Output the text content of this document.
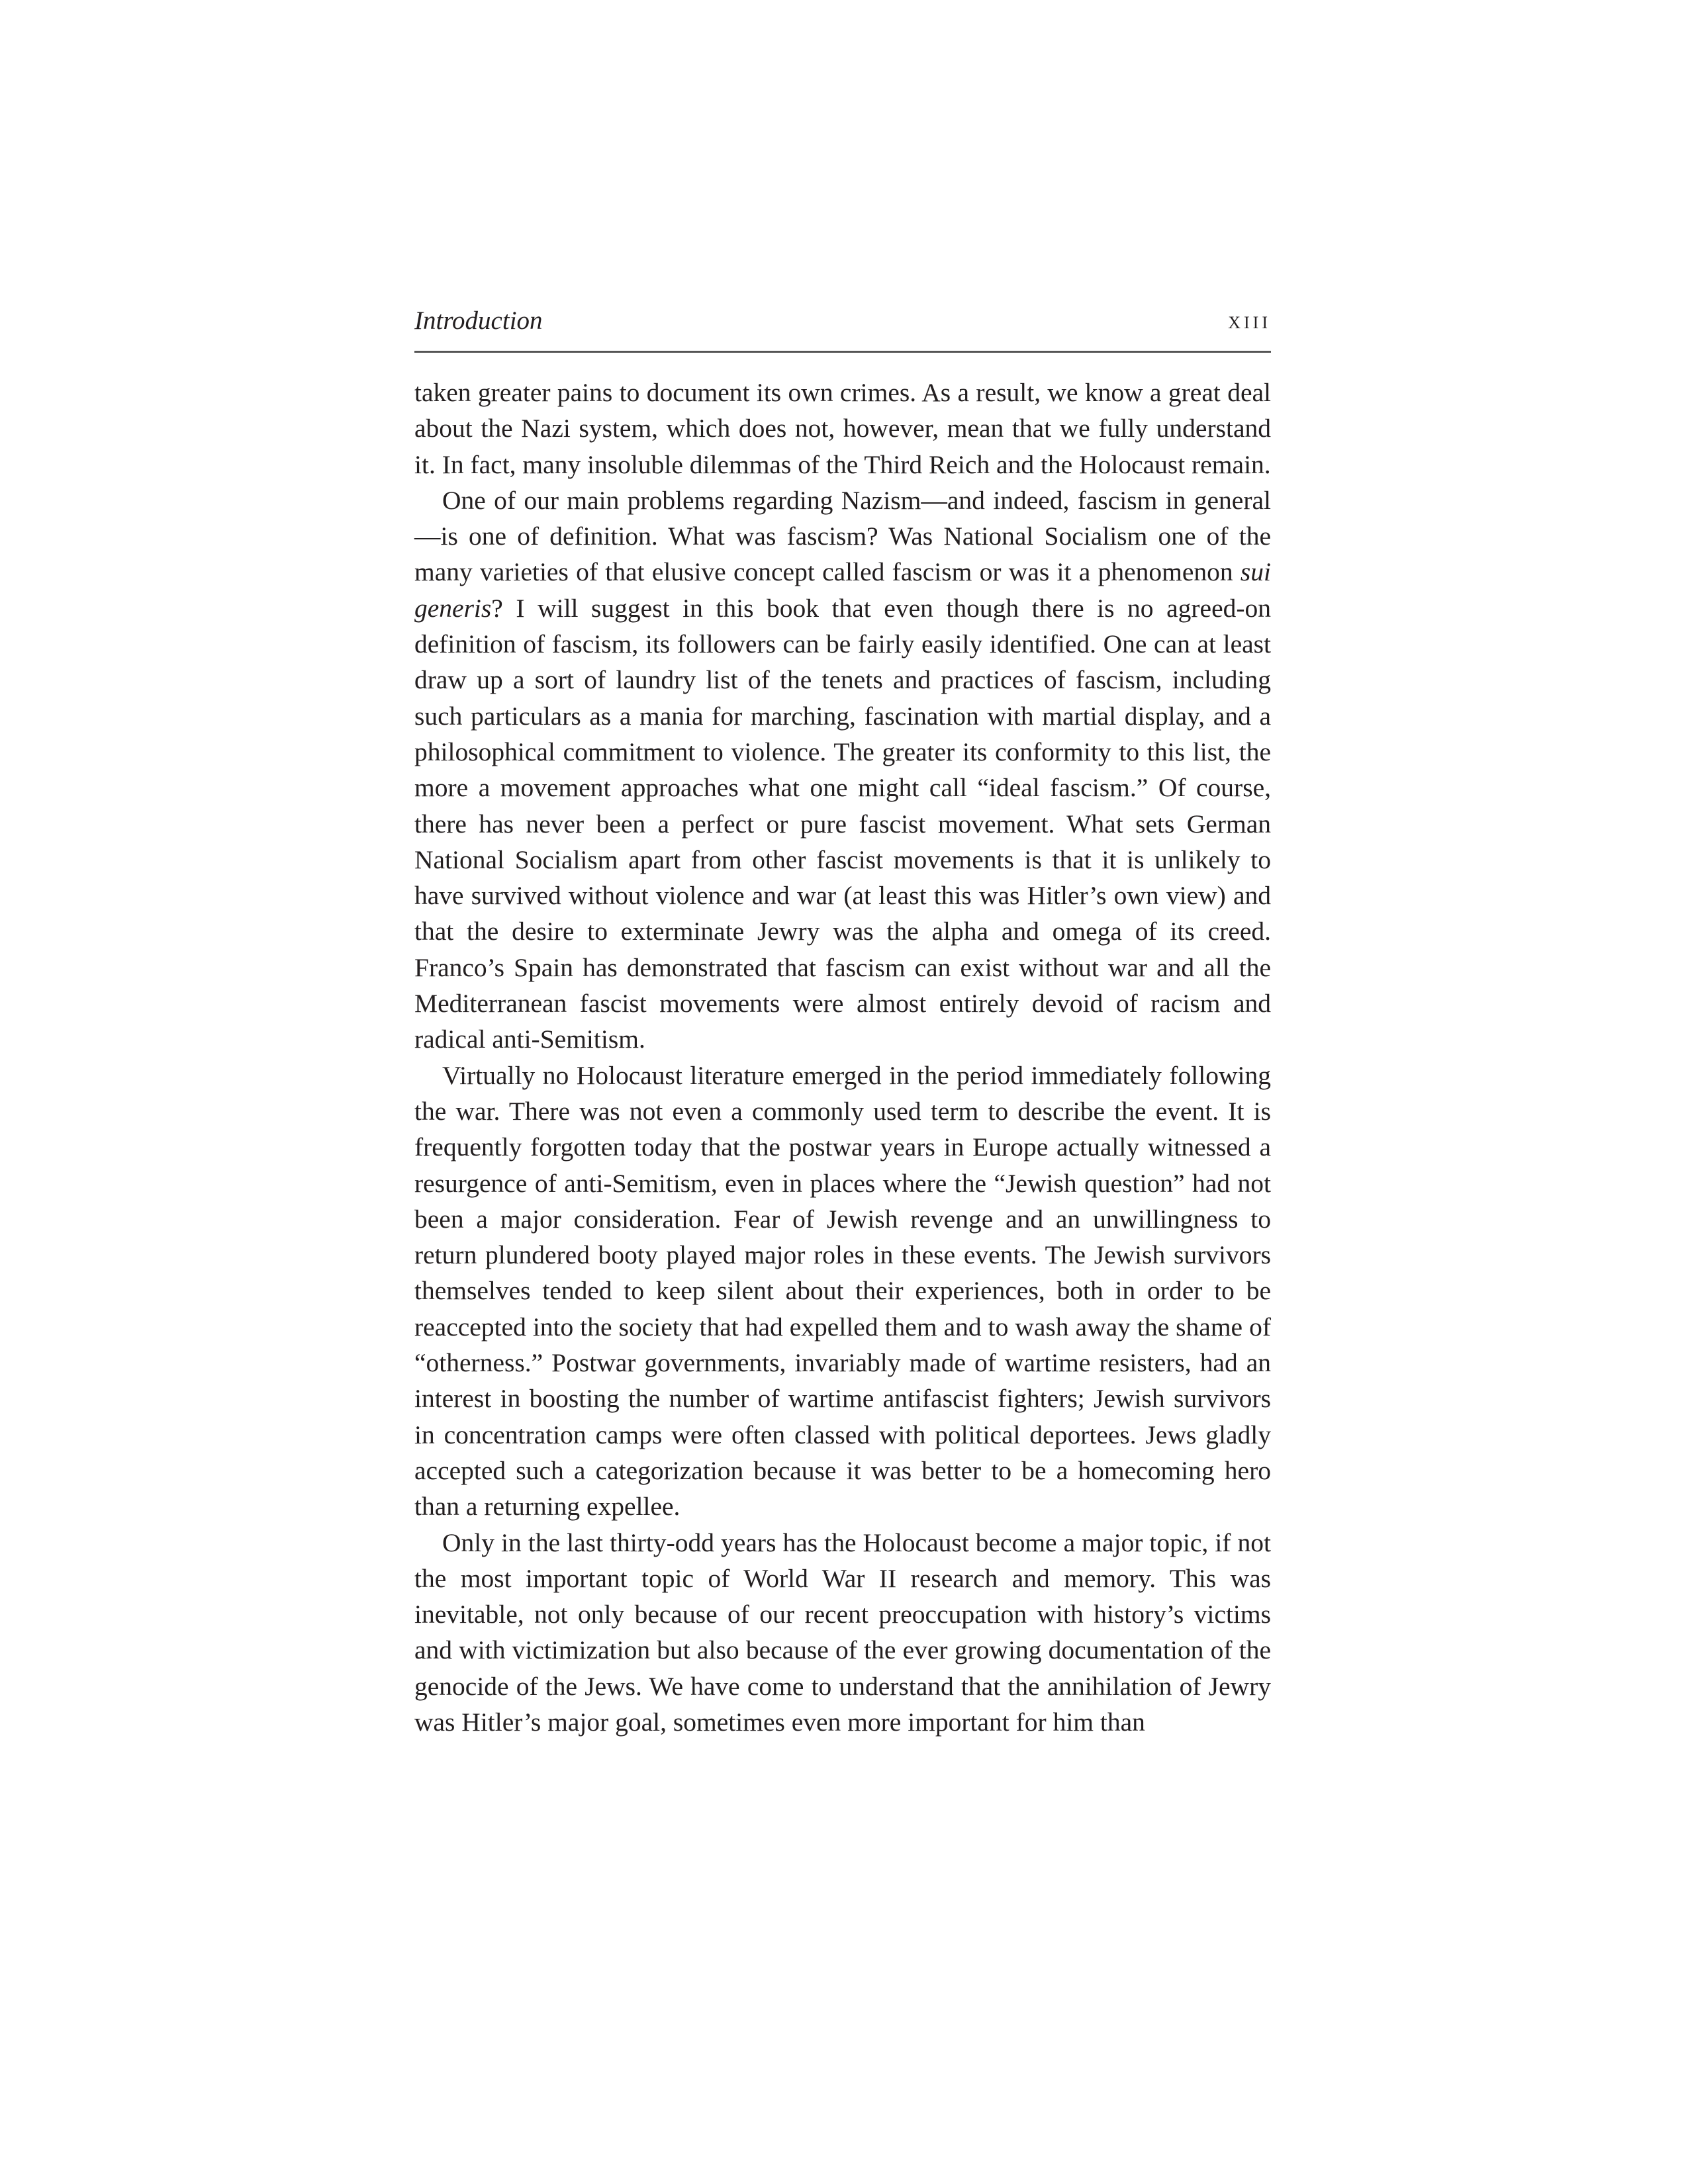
Introduction	xiii

taken greater pains to document its own crimes. As a result, we know a great deal about the Nazi system, which does not, however, mean that we fully understand it. In fact, many insoluble dilemmas of the Third Reich and the Holocaust remain.

One of our main problems regarding Nazism—and indeed, fascism in general—is one of definition. What was fascism? Was National Socialism one of the many varieties of that elusive concept called fascism or was it a phenomenon sui generis? I will suggest in this book that even though there is no agreed-on definition of fascism, its followers can be fairly easily identified. One can at least draw up a sort of laundry list of the tenets and practices of fascism, including such particulars as a mania for marching, fascination with martial display, and a philosophical commitment to violence. The greater its conformity to this list, the more a movement approaches what one might call “ideal fascism.” Of course, there has never been a perfect or pure fascist movement. What sets German National Socialism apart from other fascist movements is that it is unlikely to have survived without violence and war (at least this was Hitler’s own view) and that the desire to exterminate Jewry was the alpha and omega of its creed. Franco’s Spain has demonstrated that fascism can exist without war and all the Mediterranean fascist movements were almost entirely devoid of racism and radical anti-Semitism.

Virtually no Holocaust literature emerged in the period immediately following the war. There was not even a commonly used term to describe the event. It is frequently forgotten today that the postwar years in Europe actually witnessed a resurgence of anti-Semitism, even in places where the “Jewish question” had not been a major consideration. Fear of Jewish revenge and an unwillingness to return plundered booty played major roles in these events. The Jewish survivors themselves tended to keep silent about their experiences, both in order to be reaccepted into the society that had expelled them and to wash away the shame of “otherness.” Postwar governments, invariably made of wartime resisters, had an interest in boosting the number of wartime antifascist fighters; Jewish survivors in concentration camps were often classed with political deportees. Jews gladly accepted such a categorization because it was better to be a homecoming hero than a returning expellee.

Only in the last thirty-odd years has the Holocaust become a major topic, if not the most important topic of World War II research and memory. This was inevitable, not only because of our recent preoccupation with history’s victims and with victimization but also because of the ever growing documentation of the genocide of the Jews. We have come to understand that the annihilation of Jewry was Hitler’s major goal, sometimes even more important for him than
